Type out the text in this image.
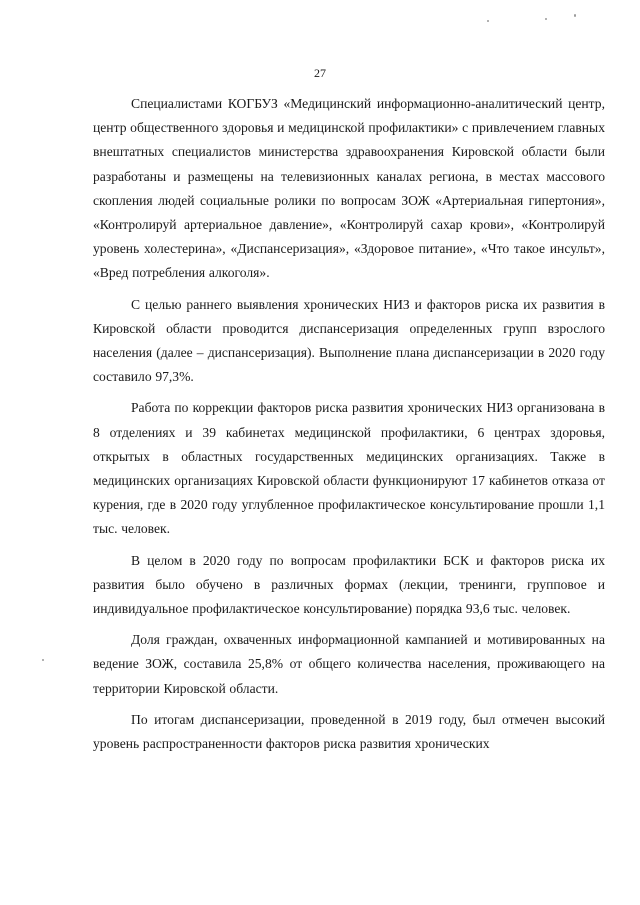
27

Специалистами КОГБУЗ «Медицинский информационно-аналитический центр, центр общественного здоровья и медицинской профилактики» с привлечением главных внештатных специалистов министерства здравоохранения Кировской области были разработаны и размещены на телевизионных каналах региона, в местах массового скопления людей социальные ролики по вопросам ЗОЖ «Артериальная гипертония», «Контролируй артериальное давление», «Контролируй сахар крови», «Контролируй уровень холестерина», «Диспансеризация», «Здоровое питание», «Что такое инсульт», «Вред потребления алкоголя».

С целью раннего выявления хронических НИЗ и факторов риска их развития в Кировской области проводится диспансеризация определенных групп взрослого населения (далее – диспансеризация). Выполнение плана диспансеризации в 2020 году составило 97,3%.

Работа по коррекции факторов риска развития хронических НИЗ организована в 8 отделениях и 39 кабинетах медицинской профилактики, 6 центрах здоровья, открытых в областных государственных медицинских организациях. Также в медицинских организациях Кировской области функционируют 17 кабинетов отказа от курения, где в 2020 году углубленное профилактическое консультирование прошли 1,1 тыс. человек.

В целом в 2020 году по вопросам профилактики БСК и факторов риска их развития было обучено в различных формах (лекции, тренинги, групповое и индивидуальное профилактическое консультирование) порядка 93,6 тыс. человек.

Доля граждан, охваченных информационной кампанией и мотивированных на ведение ЗОЖ, составила 25,8% от общего количества населения, проживающего на территории Кировской области.

По итогам диспансеризации, проведенной в 2019 году, был отмечен высокий уровень распространенности факторов риска развития хронических
